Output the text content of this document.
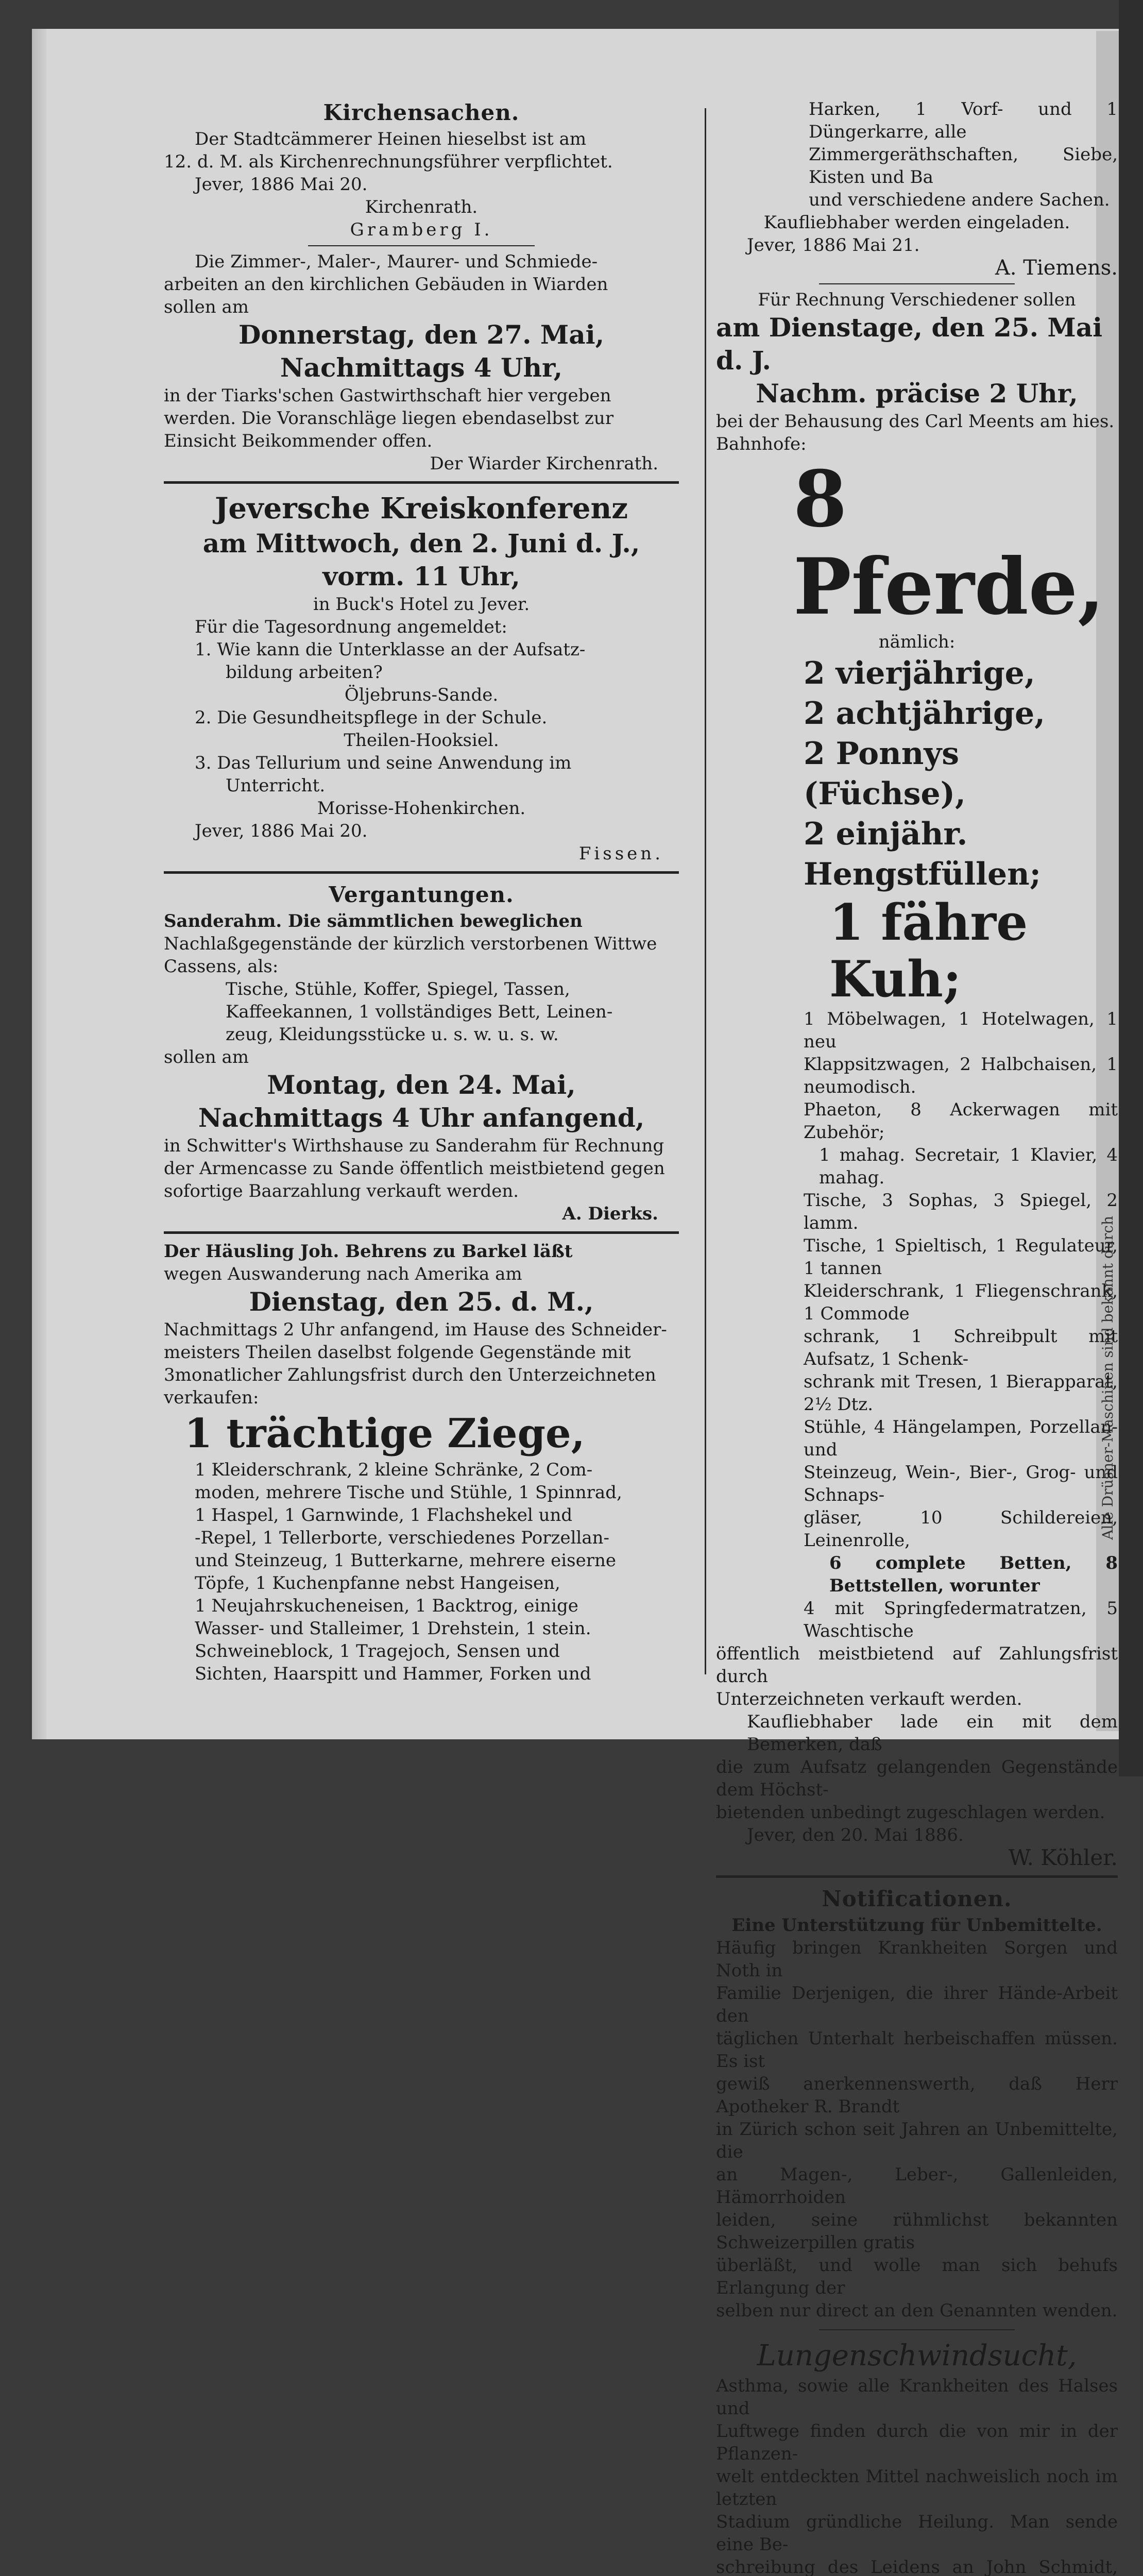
Alle Drüsner-Maschinen sind bekannt durch

Kirchensachen.

Der Stadtcämmerer Heinen hieselbst ist am

12. d. M. als Kirchenrechnungsführer verpflichtet.

Jever, 1886 Mai 20.

Kirchenrath.

Gramberg I.

Die Zimmer-, Maler-, Maurer- und Schmiede-

arbeiten an den kirchlichen Gebäuden in Wiarden

sollen am

Donnerstag, den 27. Mai,

Nachmittags 4 Uhr,

in der Tiarks'schen Gastwirthschaft hier vergeben

werden. Die Voranschläge liegen ebendaselbst zur

Einsicht Beikommender offen.

Der Wiarder Kirchenrath.

Jeversche Kreiskonferenz

am Mittwoch, den 2. Juni d. J.,

vorm. 11 Uhr,

in Buck's Hotel zu Jever.

Für die Tagesordnung angemeldet:

1. Wie kann die Unterklasse an der Aufsatz-

bildung arbeiten?

Öljebruns-Sande.

2. Die Gesundheitspflege in der Schule.

Theilen-Hooksiel.

3. Das Tellurium und seine Anwendung im

Unterricht.

Morisse-Hohenkirchen.

Jever, 1886 Mai 20.

Fissen.

Vergantungen.

Sanderahm. Die sämmtlichen beweglichen

Nachlaßgegenstände der kürzlich verstorbenen Wittwe

Cassens, als:

Tische, Stühle, Koffer, Spiegel, Tassen,

Kaffeekannen, 1 vollständiges Bett, Leinen-

zeug, Kleidungsstücke u. s. w. u. s. w.

sollen am

Montag, den 24. Mai,

Nachmittags 4 Uhr anfangend,

in Schwitter's Wirthshause zu Sanderahm für Rechnung

der Armencasse zu Sande öffentlich meistbietend gegen

sofortige Baarzahlung verkauft werden.

A. Dierks.

Der Häusling Joh. Behrens zu Barkel läßt

wegen Auswanderung nach Amerika am

Dienstag, den 25. d. M.,

Nachmittags 2 Uhr anfangend, im Hause des Schneider-

meisters Theilen daselbst folgende Gegenstände mit

3monatlicher Zahlungsfrist durch den Unterzeichneten

verkaufen:

1 trächtige Ziege,

1 Kleiderschrank, 2 kleine Schränke, 2 Com-

moden, mehrere Tische und Stühle, 1 Spinnrad,

1 Haspel, 1 Garnwinde, 1 Flachshekel und

-Repel, 1 Tellerborte, verschiedenes Porzellan-

und Steinzeug, 1 Butterkarne, mehrere eiserne

Töpfe, 1 Kuchenpfanne nebst Hangeisen,

1 Neujahrskucheneisen, 1 Backtrog, einige

Wasser- und Stalleimer, 1 Drehstein, 1 stein.

Schweineblock, 1 Tragejoch, Sensen und

Sichten, Haarspitt und Hammer, Forken und

Harken, 1 Vorf- und 1 Düngerkarre, alle

Zimmergeräthschaften, Siebe, Kisten und Ba

und verschiedene andere Sachen.

Kaufliebhaber werden eingeladen.

Jever, 1886 Mai 21.

A. Tiemens.

Für Rechnung Verschiedener sollen

am Dienstage, den 25. Mai d. J.

Nachm. präcise 2 Uhr,

bei der Behausung des Carl Meents am hies.

Bahnhofe:

8 Pferde,

nämlich:

2 vierjährige,

2 achtjährige,

2 Ponnys (Füchse),

2 einjähr. Hengstfüllen;

1 fähre Kuh;

1 Möbelwagen, 1 Hotelwagen, 1 neu

Klappsitzwagen, 2 Halbchaisen, 1 neumodisch.

Phaeton, 8 Ackerwagen mit Zubehör;

1 mahag. Secretair, 1 Klavier, 4 mahag.

Tische, 3 Sophas, 3 Spiegel, 2 lamm.

Tische, 1 Spieltisch, 1 Regulateur, 1 tannen

Kleiderschrank, 1 Fliegenschrank, 1 Commode

schrank, 1 Schreibpult mit Aufsatz, 1 Schenk-

schrank mit Tresen, 1 Bierapparat, 2½ Dtz.

Stühle, 4 Hängelampen, Porzellan- und

Steinzeug, Wein-, Bier-, Grog- und Schnaps-

gläser, 10 Schildereien, Leinenrolle,

6 complete Betten, 8 Bettstellen, worunter

4 mit Springfedermatratzen, 5 Waschtische

öffentlich meistbietend auf Zahlungsfrist durch

Unterzeichneten verkauft werden.

Kaufliebhaber lade ein mit dem Bemerken, daß

die zum Aufsatz gelangenden Gegenstände dem Höchst-

bietenden unbedingt zugeschlagen werden.

Jever, den 20. Mai 1886.

W. Köhler.

Notificationen.

Eine Unterstützung für Unbemittelte.

Häufig bringen Krankheiten Sorgen und Noth in

Familie Derjenigen, die ihrer Hände-Arbeit den

täglichen Unterhalt herbeischaffen müssen. Es ist

gewiß anerkennenswerth, daß Herr Apotheker R. Brandt

in Zürich schon seit Jahren an Unbemittelte, die

an Magen-, Leber-, Gallenleiden, Hämorrhoiden

leiden, seine rühmlichst bekannten Schweizerpillen gratis

überläßt, und wolle man sich behufs Erlangung der

selben nur direct an den Genannten wenden.

Lungenschwindsucht,

Asthma, sowie alle Krankheiten des Halses und

Luftwege finden durch die von mir in der Pflanzen-

welt entdeckten Mittel nachweislich noch im letzten

Stadium gründliche Heilung. Man sende eine Be-

schreibung des Leidens an John Schmidt,
